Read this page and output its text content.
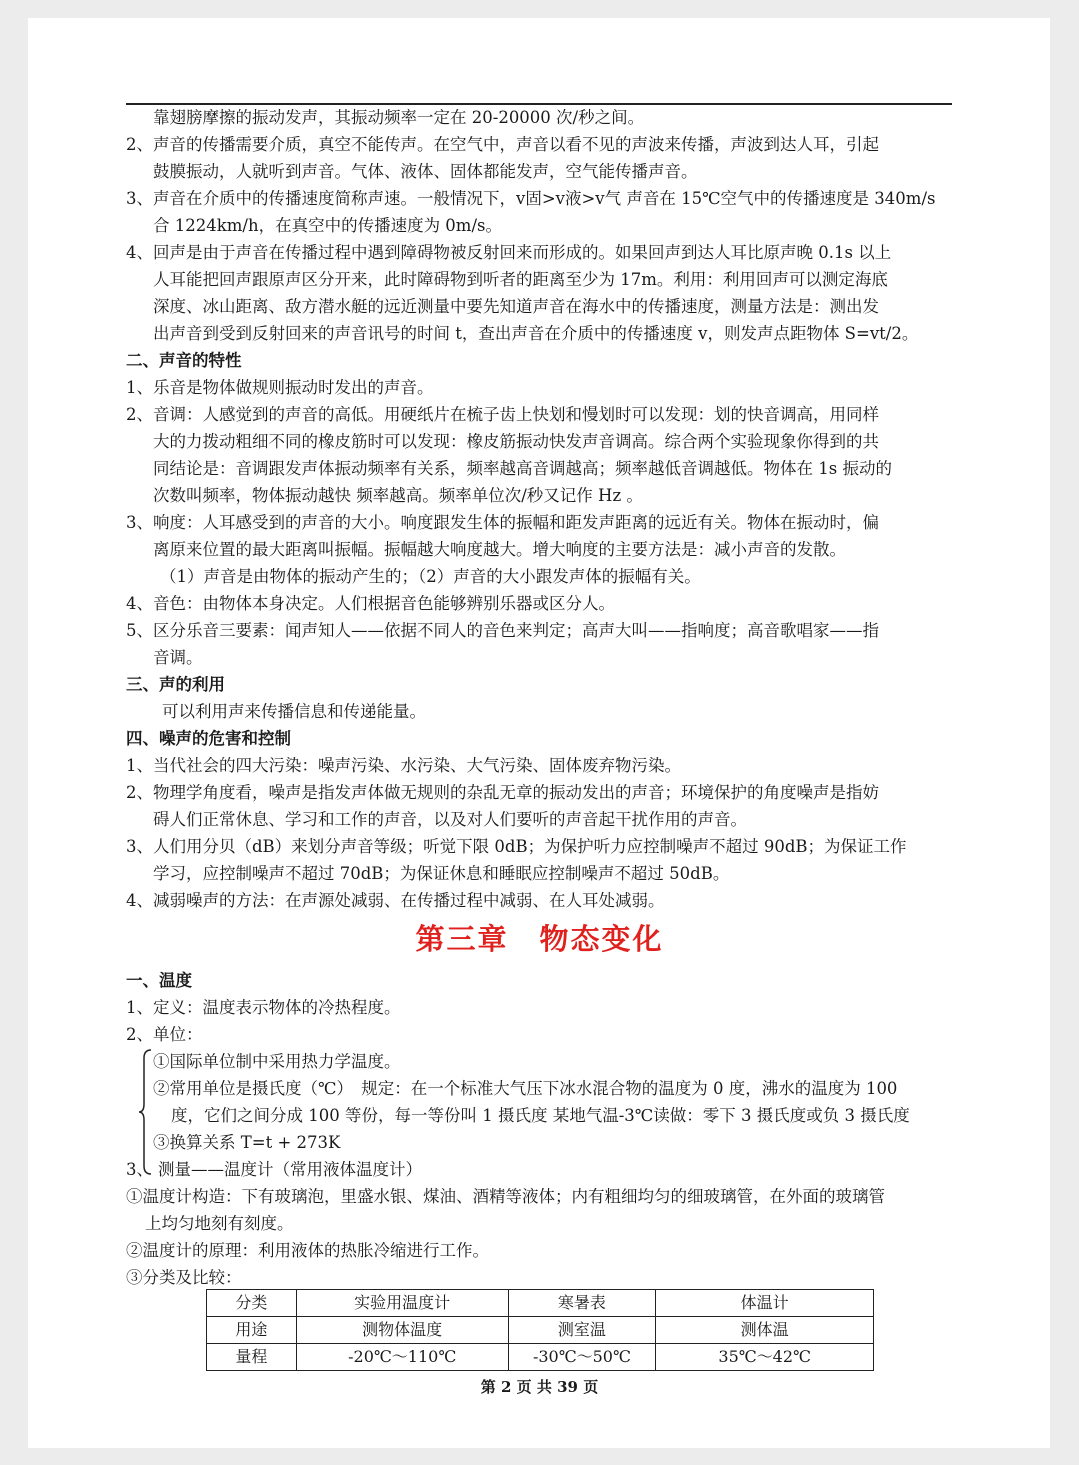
靠翅膀摩擦的振动发声，其振动频率一定在 20-20000 次/秒之间。
2、声音的传播需要介质，真空不能传声。在空气中，声音以看不见的声波来传播，声波到达人耳，引起
鼓膜振动，人就听到声音。气体、液体、固体都能发声，空气能传播声音。
3、声音在介质中的传播速度简称声速。一般情况下，v固>v液>v气 声音在 15℃空气中的传播速度是 340m/s
合 1224km/h，在真空中的传播速度为 0m/s。
4、回声是由于声音在传播过程中遇到障碍物被反射回来而形成的。如果回声到达人耳比原声晚 0.1s 以上
人耳能把回声跟原声区分开来，此时障碍物到听者的距离至少为 17m。利用：利用回声可以测定海底
深度、冰山距离、敌方潜水艇的远近测量中要先知道声音在海水中的传播速度，测量方法是：测出发
出声音到受到反射回来的声音讯号的时间 t，查出声音在介质中的传播速度 v，则发声点距物体 S=vt/2。
二、声音的特性
1、乐音是物体做规则振动时发出的声音。
2、音调：人感觉到的声音的高低。用硬纸片在梳子齿上快划和慢划时可以发现：划的快音调高，用同样
大的力拨动粗细不同的橡皮筋时可以发现：橡皮筋振动快发声音调高。综合两个实验现象你得到的共
同结论是：音调跟发声体振动频率有关系，频率越高音调越高；频率越低音调越低。物体在 1s 振动的
次数叫频率，物体振动越快 频率越高。频率单位次/秒又记作 Hz 。
3、响度：人耳感受到的声音的大小。响度跟发生体的振幅和距发声距离的远近有关。物体在振动时，偏
离原来位置的最大距离叫振幅。振幅越大响度越大。增大响度的主要方法是：减小声音的发散。
（1）声音是由物体的振动产生的；（2）声音的大小跟发声体的振幅有关。
4、音色：由物体本身决定。人们根据音色能够辨别乐器或区分人。
5、区分乐音三要素：闻声知人——依据不同人的音色来判定；高声大叫——指响度；高音歌唱家——指
音调。
三、声的利用
可以利用声来传播信息和传递能量。
四、噪声的危害和控制
1、当代社会的四大污染：噪声污染、水污染、大气污染、固体废弃物污染。
2、物理学角度看，噪声是指发声体做无规则的杂乱无章的振动发出的声音；环境保护的角度噪声是指妨
碍人们正常休息、学习和工作的声音，以及对人们要听的声音起干扰作用的声音。
3、人们用分贝（dB）来划分声音等级；听觉下限 0dB；为保护听力应控制噪声不超过 90dB；为保证工作
学习，应控制噪声不超过 70dB；为保证休息和睡眠应控制噪声不超过 50dB。
4、减弱噪声的方法：在声源处减弱、在传播过程中减弱、在人耳处减弱。
第三章　物态变化
一、温度
1、定义：温度表示物体的冷热程度。
2、单位：
①国际单位制中采用热力学温度。
②常用单位是摄氏度（℃）　规定：在一个标准大气压下冰水混合物的温度为 0 度，沸水的温度为 100
度，它们之间分成 100 等份，每一等份叫 1 摄氏度 某地气温-3℃读做：零下 3 摄氏度或负 3 摄氏度
③换算关系 T=t + 273K
3、 测量——温度计（常用液体温度计）
①温度计构造：下有玻璃泡，里盛水银、煤油、酒精等液体；内有粗细均匀的细玻璃管，在外面的玻璃管
上均匀地刻有刻度。
②温度计的原理：利用液体的热胀冷缩进行工作。
③分类及比较：
分类	实验用温度计	寒暑表	体温计
用途	测物体温度	测室温	测体温
量程	-20℃～110℃	-30℃～50℃	35℃～42℃
第 2 页 共 39 页
